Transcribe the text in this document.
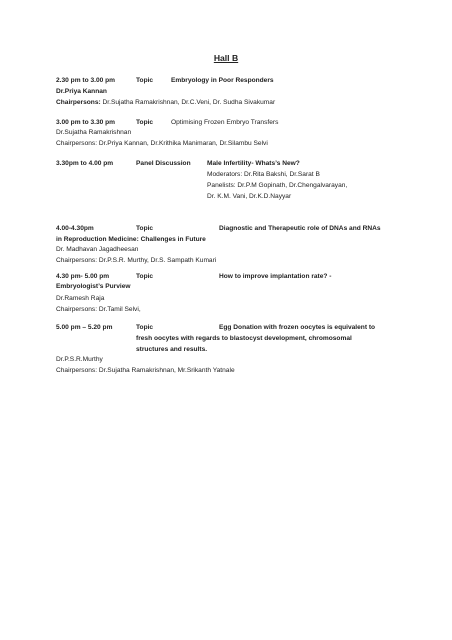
Hall B
2.30 pm to 3.00 pm	Topic	Embryology in Poor Responders
Dr.Priya Kannan
Chairpersons: Dr.Sujatha Ramakrishnan, Dr.C.Veni, Dr. Sudha Sivakumar
3.00 pm to 3.30 pm	Topic	Optimising Frozen Embryo Transfers
Dr.Sujatha Ramakrishnan
Chairpersons: Dr.Priya Kannan, Dr.Krithika Manimaran, Dr.Silambu Selvi
3.30pm to 4.00 pm	Panel Discussion Male Infertility- Whats’s New?
Moderators: Dr.Rita Bakshi, Dr.Sarat B
Panelists: Dr.P.M Gopinath, Dr.Chengalvarayan,
Dr. K.M. Vani, Dr.K.D.Nayyar
4.00-4.30pm	Topic	Diagnostic and Therapeutic role of DNAs and RNAs
in Reproduction Medicine: Challenges in Future
Dr. Madhavan Jagadheesan
Chairpersons: Dr.P.S.R. Murthy, Dr.S. Sampath Kumari
4.30 pm- 5.00 pm	Topic	How to improve implantation rate? -
Embryologist’s Purview
Dr.Ramesh Raja
Chairpersons: Dr.Tamil Selvi,
5.00 pm – 5.20 pm	Topic	Egg Donation with frozen oocytes is equivalent to
fresh oocytes with regards to blastocyst development, chromosomal
structures and results.
Dr.P.S.R.Murthy
Chairpersons: Dr.Sujatha Ramakrishnan, Mr.Srikanth Yatnale
